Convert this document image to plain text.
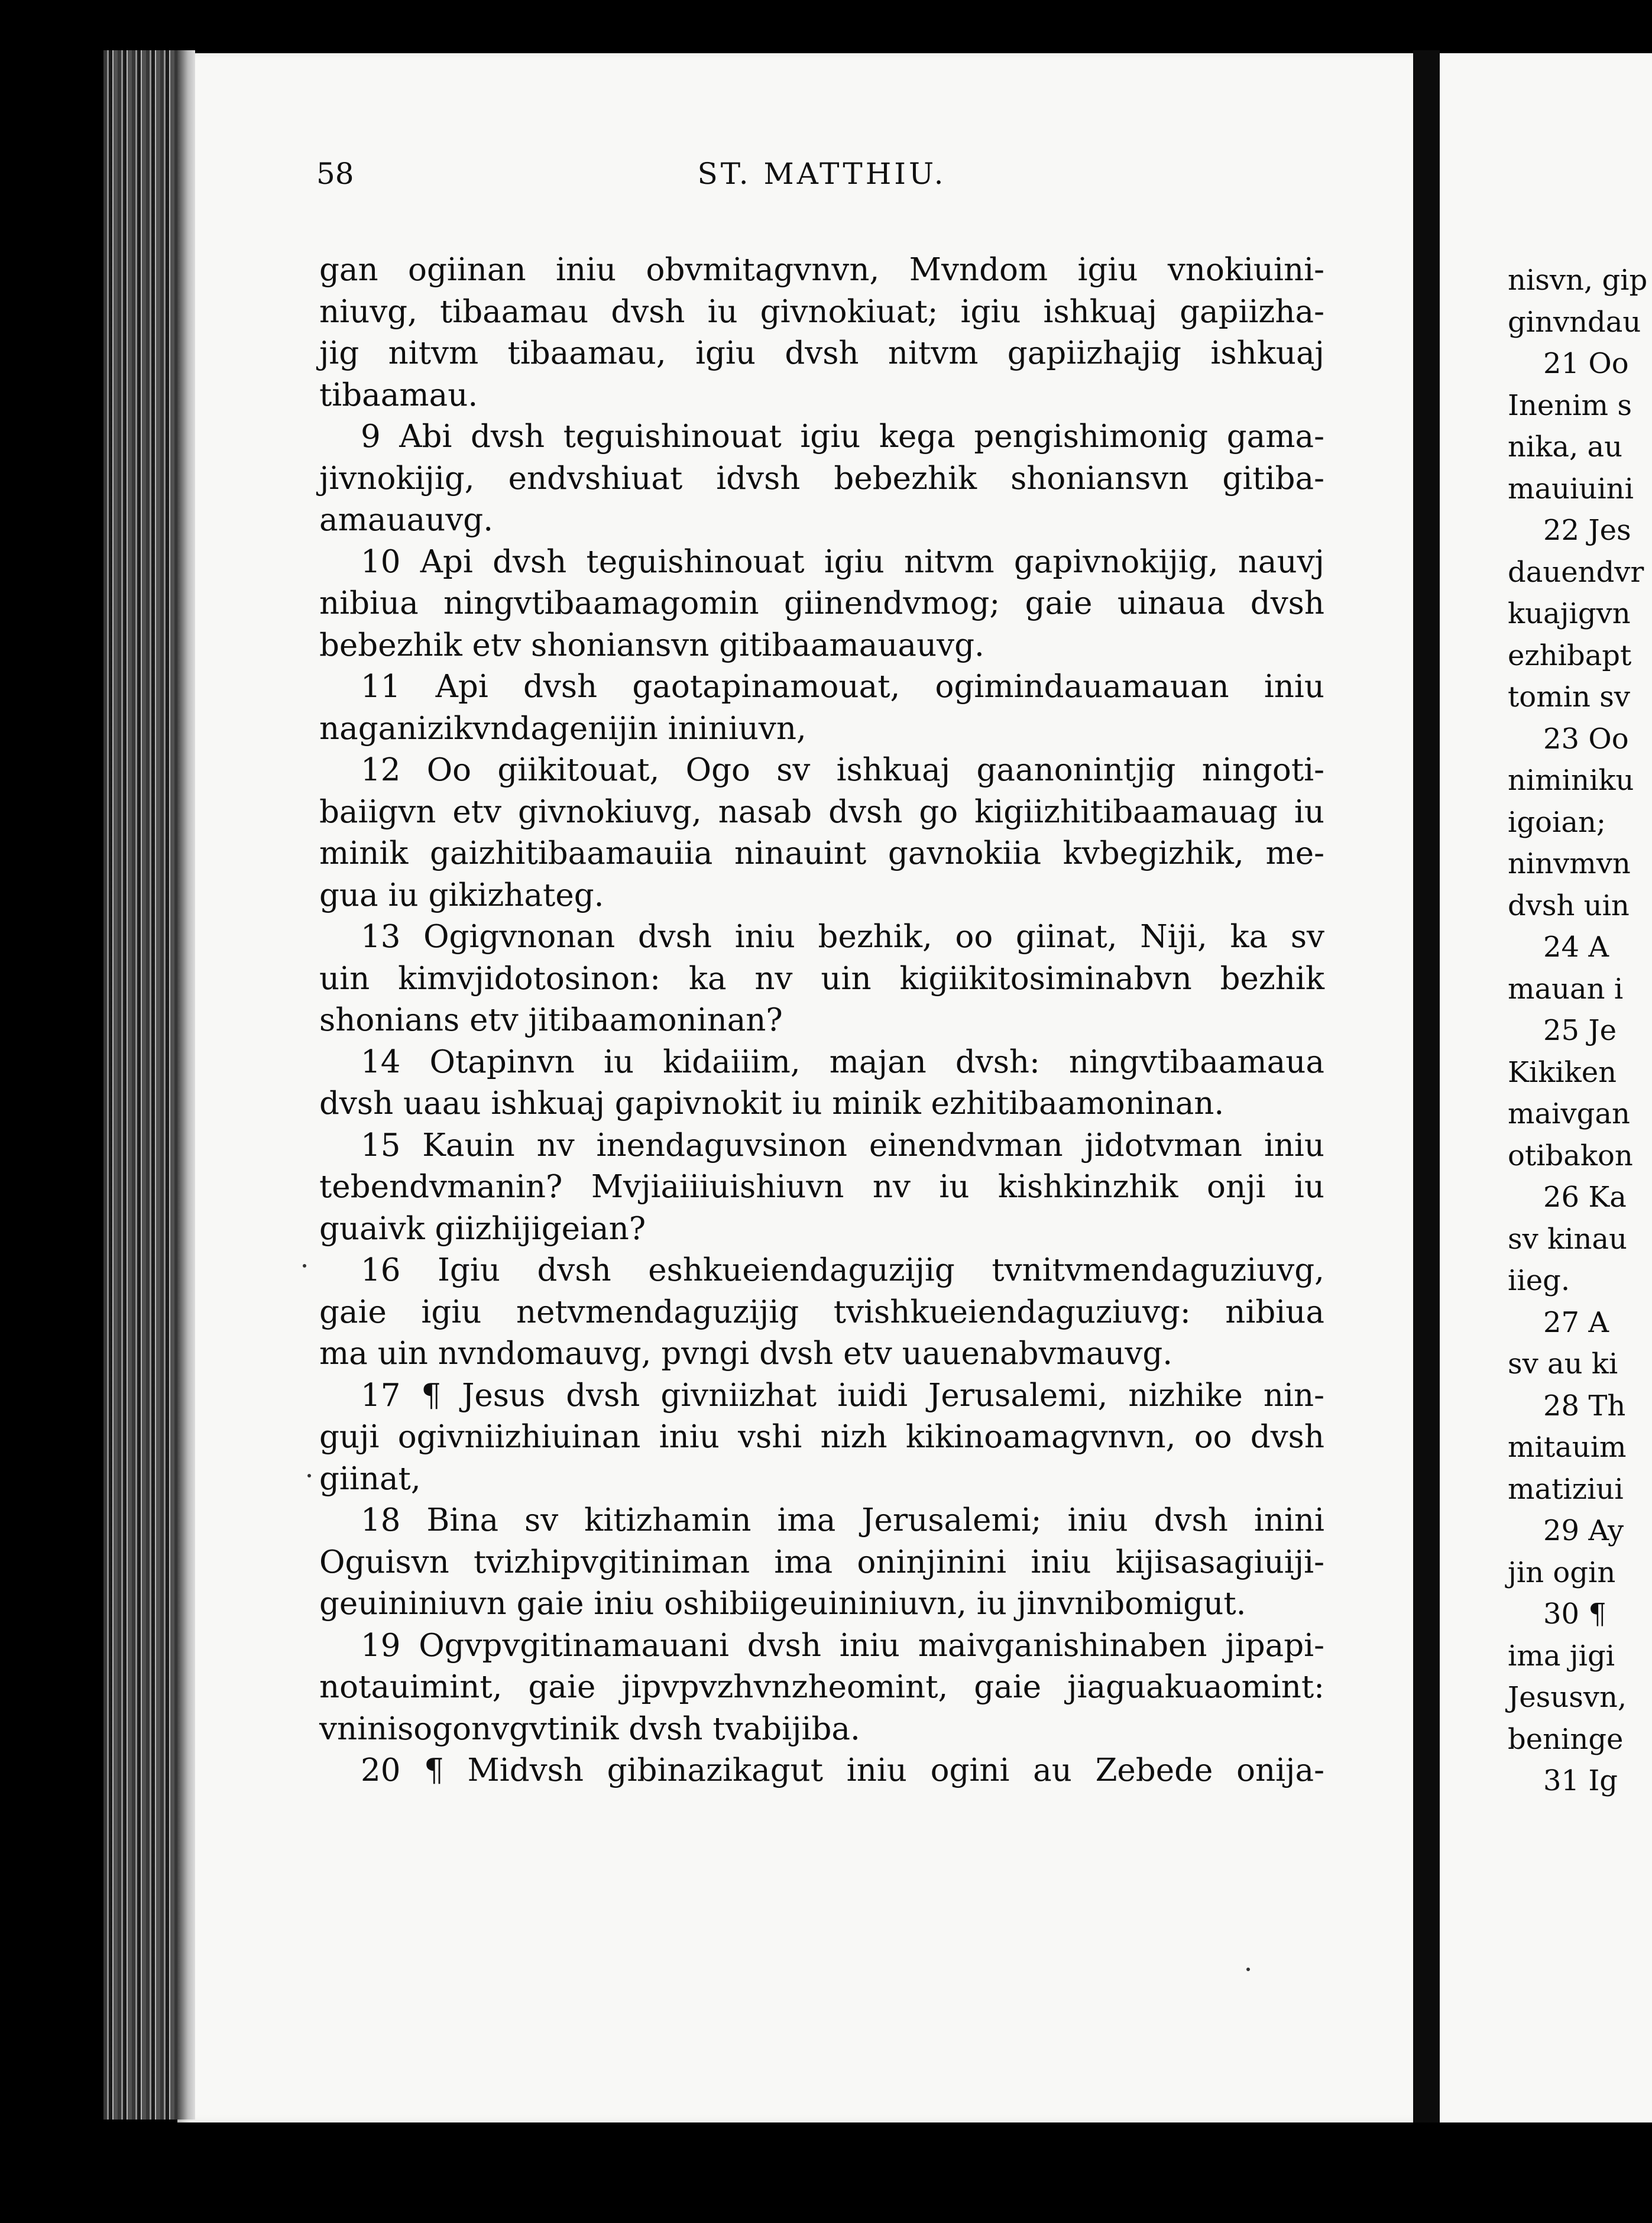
nisvn, gip
ginvndau
21 Oo
Inenim s
nika, au
mauiuini
22 Jes
dauendvr
kuajigvn
ezhibapt
tomin sv
23 Oo
niminiku
igoian;
ninvmvn
dvsh uin
24 A
mauan i
25 Je
Kikiken
maivgan
otibakon
26 Ka
sv kinau
iieg.
27 A
sv au ki
28 Th
mitauim
matiziui
29 Ay
jin ogin
30 ¶
ima jigi
Jesusvn,
beninge
31 Ig
58	ST. MATTHIU.
gan ogiinan iniu obvmitagvnvn, Mvndom igiu vnokiuini-
niuvg, tibaamau dvsh iu givnokiuat; igiu ishkuaj gapiizha-
jig nitvm tibaamau, igiu dvsh nitvm gapiizhajig ishkuaj
tibaamau.
9 Abi dvsh teguishinouat igiu kega pengishimonig gama-
jivnokijig, endvshiuat idvsh bebezhik shoniansvn gitiba-
amauauvg.
10 Api dvsh teguishinouat igiu nitvm gapivnokijig, nauvj
nibiua ningvtibaamagomin giinendvmog; gaie uinaua dvsh
bebezhik etv shoniansvn gitibaamauauvg.
11 Api dvsh gaotapinamouat, ogimindauamauan iniu
naganizikvndagenijin ininiuvn,
12 Oo giikitouat, Ogo sv ishkuaj gaanonintjig ningoti-
baiigvn etv givnokiuvg, nasab dvsh go kigiizhitibaamauag iu
minik gaizhitibaamauiia ninauint gavnokiia kvbegizhik, me-
gua iu gikizhateg.
13 Ogigvnonan dvsh iniu bezhik, oo giinat, Niji, ka sv
uin kimvjidotosinon: ka nv uin kigiikitosiminabvn bezhik
shonians etv jitibaamoninan?
14 Otapinvn iu kidaiiim, majan dvsh: ningvtibaamaua
dvsh uaau ishkuaj gapivnokit iu minik ezhitibaamoninan.
15 Kauin nv inendaguvsinon einendvman jidotvman iniu
tebendvmanin? Mvjiaiiiuishiuvn nv iu kishkinzhik onji iu
guaivk giizhijigeian?
16 Igiu dvsh eshkueiendaguzijig tvnitvmendaguziuvg,
gaie igiu netvmendaguzijig tvishkueiendaguziuvg: nibiua
ma uin nvndomauvg, pvngi dvsh etv uauenabvmauvg.
17 ¶ Jesus dvsh givniizhat iuidi Jerusalemi, nizhike nin-
guji ogivniizhiuinan iniu vshi nizh kikinoamagvnvn, oo dvsh
giinat,
18 Bina sv kitizhamin ima Jerusalemi; iniu dvsh inini
Oguisvn tvizhipvgitiniman ima oninjinini iniu kijisasagiuiji-
geuininiuvn gaie iniu oshibiigeuininiuvn, iu jinvnibomigut.
19 Ogvpvgitinamauani dvsh iniu maivganishinaben jipapi-
notauimint, gaie jipvpvzhvnzheomint, gaie jiaguakuaomint:
vninisogonvgvtinik dvsh tvabijiba.
20 ¶ Midvsh gibinazikagut iniu ogini au Zebede onija-
